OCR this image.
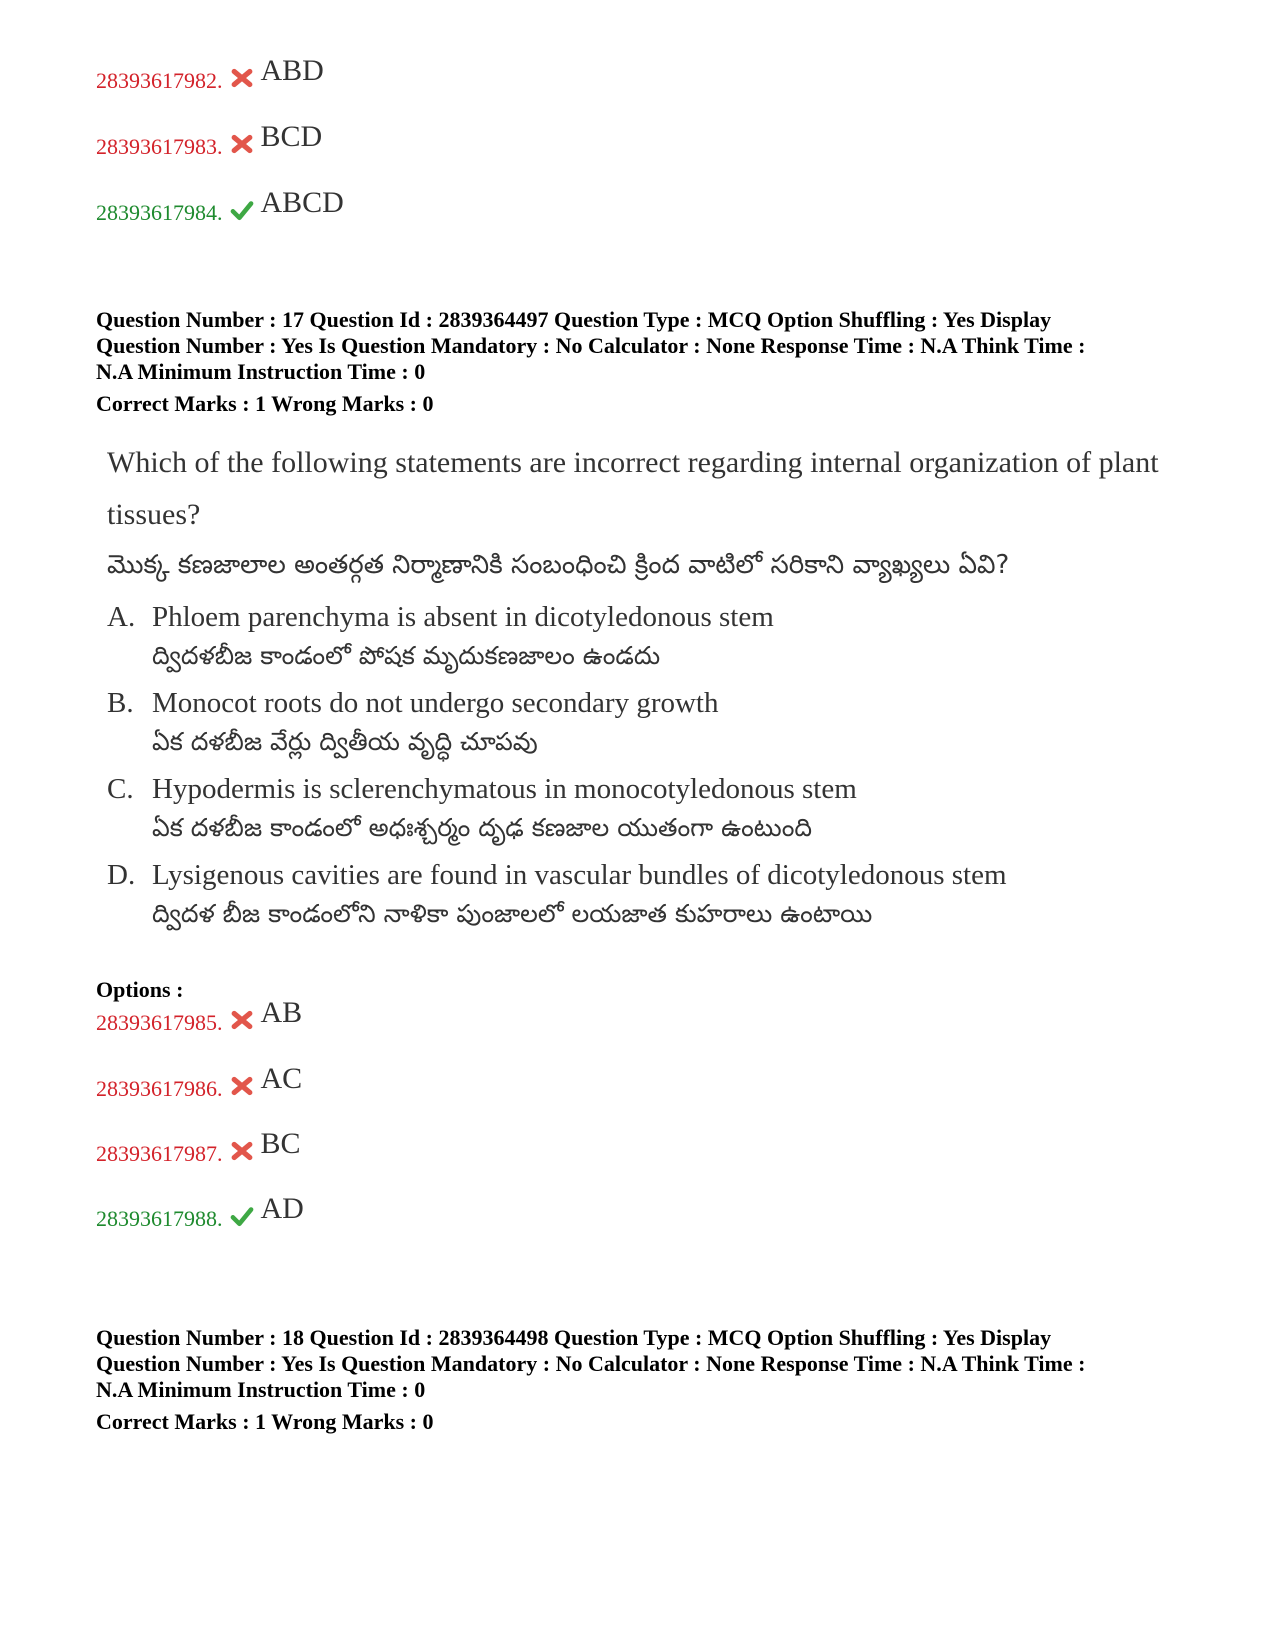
28393617982. ABD
28393617983. BCD
28393617984. ABCD

Question Number : 17 Question Id : 2839364497 Question Type : MCQ Option Shuffling : Yes Display

Question Number : Yes Is Question Mandatory : No Calculator : None Response Time : N.A Think Time :

N.A Minimum Instruction Time : 0

Correct Marks : 1 Wrong Marks : 0

Which of the following statements are incorrect regarding internal organization of plant tissues?

మొక్క కణజాలాల అంతర్గత నిర్మాణానికి సంబంధించి క్రింద వాటిలో సరికాని వ్యాఖ్యలు ఏవి?

A. Phloem parenchyma is absent in dicotyledonous stem
ద్విదళబీజ కాండంలో పోషక మృదుకణజాలం ఉండదు
B. Monocot roots do not undergo secondary growth
ఏక దళబీజ వేర్లు ద్వితీయ వృద్ధి చూపవు
C. Hypodermis is sclerenchymatous in monocotyledonous stem
ఏక దళబీజ కాండంలో అధఃశ్చర్మం దృఢ కణజాల యుతంగా ఉంటుంది
D. Lysigenous cavities are found in vascular bundles of dicotyledonous stem
ద్విదళ బీజ కాండంలోని నాళికా పుంజాలలో లయజాత కుహరాలు ఉంటాయి
Options :
28393617985. AB
28393617986. AC
28393617987. BC
28393617988. AD

Question Number : 18 Question Id : 2839364498 Question Type : MCQ Option Shuffling : Yes Display

Question Number : Yes Is Question Mandatory : No Calculator : None Response Time : N.A Think Time :

N.A Minimum Instruction Time : 0

Correct Marks : 1 Wrong Marks : 0
